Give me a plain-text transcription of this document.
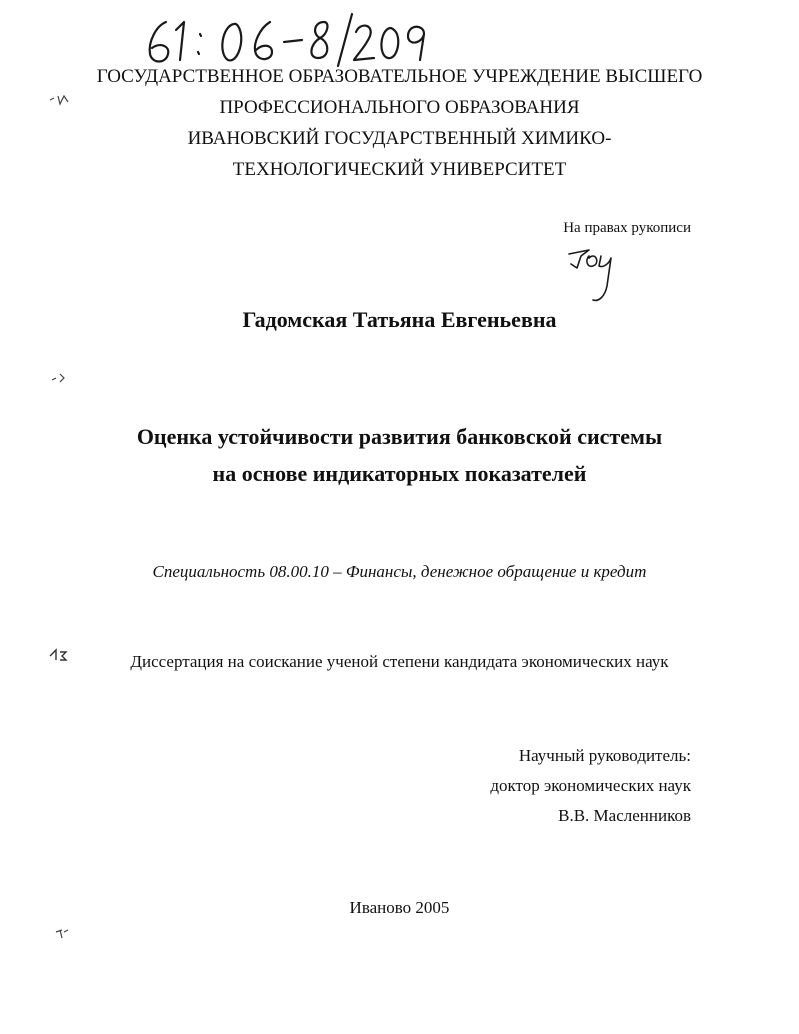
ГОСУДАРСТВЕННОЕ ОБРАЗОВАТЕЛЬНОЕ УЧРЕЖДЕНИЕ ВЫСШЕГО
ПРОФЕССИОНАЛЬНОГО ОБРАЗОВАНИЯ
ИВАНОВСКИЙ ГОСУДАРСТВЕННЫЙ ХИМИКО-
ТЕХНОЛОГИЧЕСКИЙ УНИВЕРСИТЕТ
На правах рукописи
Гадомская Татьяна Евгеньевна
Оценка устойчивости развития банковской системы
на основе индикаторных показателей
Специальность 08.00.10 – Финансы, денежное обращение и кредит
Диссертация на соискание ученой степени кандидата экономических наук
Научный руководитель:
доктор экономических наук
В.В. Масленников
Иваново 2005
